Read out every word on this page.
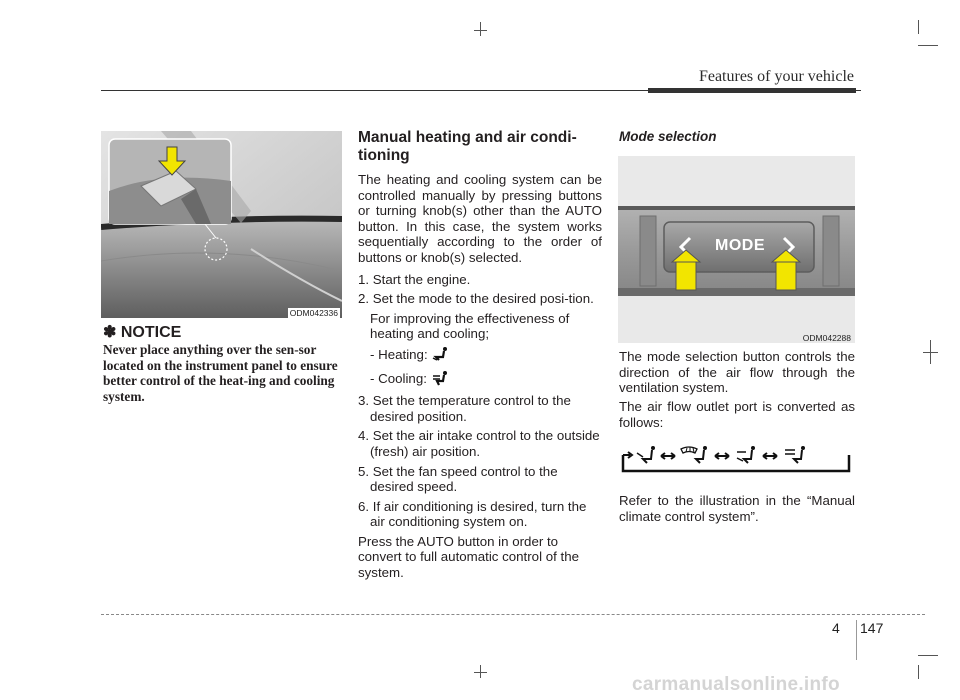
Features of your vehicle
ODM042336
✽ NOTICE
Never place anything over the sen-sor located on the instrument panel to ensure better control of the heat-ing and cooling system.

Manual heating and air condi-tioning

The heating and cooling system can be controlled manually by pressing buttons or turning knob(s) other than the AUTO button. In this case, the system works sequentially according to the order of buttons or knob(s) selected.

1. Start the engine.
2. Set the mode to the desired posi-tion.
For improving the effectiveness of heating and cooling;
- Heating:
- Cooling:
3. Set the temperature control to the desired position.
4. Set the air intake control to the outside (fresh) air position.
5. Set the fan speed control to the desired speed.
6. If air conditioning is desired, turn the air conditioning system on.

Press the AUTO button in order to convert to full automatic control of the system.

Mode selection
MODE
ODM042288

The mode selection button controls the direction of the air flow through the ventilation system.

The air flow outlet port is converted as follows:

Refer to the illustration in the “Manual climate control system”.

4 147
carmanualsonline.info
